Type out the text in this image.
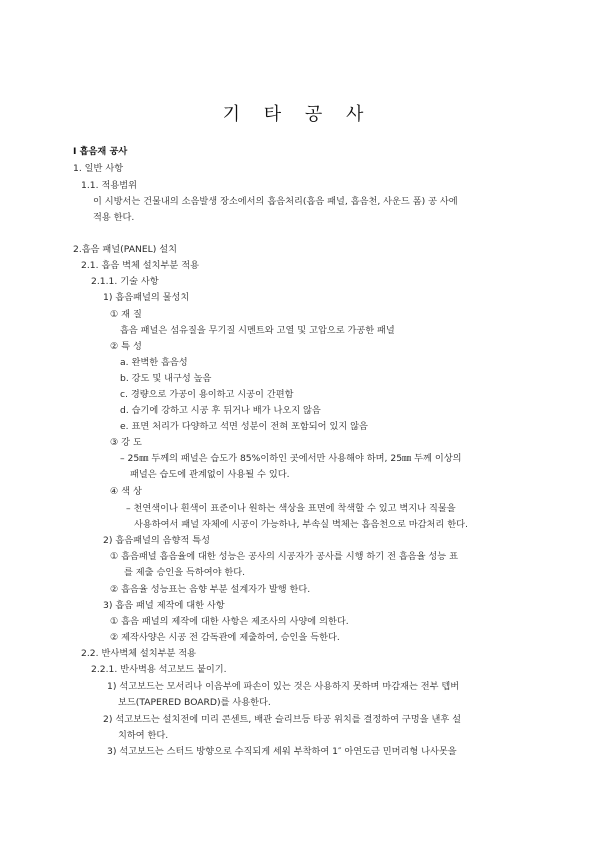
기 타 공 사
Ⅰ 흡음재 공사
1. 일반 사항
1.1. 적용범위
이 시방서는 건물내의 소음발생 장소에서의 흡음처리(흡음 패널, 흡음천, 사운드 폼) 공 사에
적용 한다.
2.흡음 패널(PANEL) 설치
2.1. 흡음 벽체 설치부분 적용
2.1.1. 기술 사항
1) 흡음패널의 물성치
① 재 질
흡음 패널은 섬유질을 무기질 시멘트와 고열 및 고압으로 가공한 패널
② 특 성
a. 완벽한 흡음성
b. 강도 및 내구성 높음
c. 경량으로 가공이 용이하고 시공이 간편함
d. 습기에 강하고 시공 후 뒤거나 배가 나오지 않음
e. 표면 처리가 다양하고 석면 성분이 전혀 포함되어 있지 않음
③ 강 도
– 25㎜ 두께의 패널은 습도가 85%이하인 곳에서만 사용해야 하며, 25㎜ 두께 이상의
패널은 습도에 관계없이 사용될 수 있다.
④ 색 상
– 천연색이나 흰색이 표준이나 원하는 색상을 표면에 착색할 수 있고 벽지나 직물을
사용하여서 패널 자체에 시공이 가능하나, 부속실 벽체는 흡음천으로 마감처리 한다.
2) 흡음패널의 음향적 특성
① 흡음패널 흡음율에 대한 성능은 공사의 시공자가 공사를 시행 하기 전 흡음율 성능 표
를 제출 승인을 득하여야 한다.
② 흡음율 성능표는 음향 부분 설계자가 발행 한다.
3) 흡음 패널 제작에 대한 사항
① 흡음 패널의 제작에 대한 사항은 제조사의 사양에 의한다.
② 제작사양은 시공 전 감독관에 제출하여, 승인을 득한다.
2.2. 반사벽체 설치부분 적용
2.2.1. 반사벽용 석고보드 붙이기.
1) 석고보드는 모서리나 이음부에 파손이 있는 것은 사용하지 못하며 마감재는 전부 텝버
보드(TAPERED BOARD)를 사용한다.
2) 석고보드는 설치전에 미리 콘센트, 배관 슬리브등 타공 위치를 결정하여 구멍을 낸후 설
치하여 한다.
3) 석고보드는 스터드 방향으로 수직되게 세워 부착하여 1″ 아연도금 민머리형 나사못을
